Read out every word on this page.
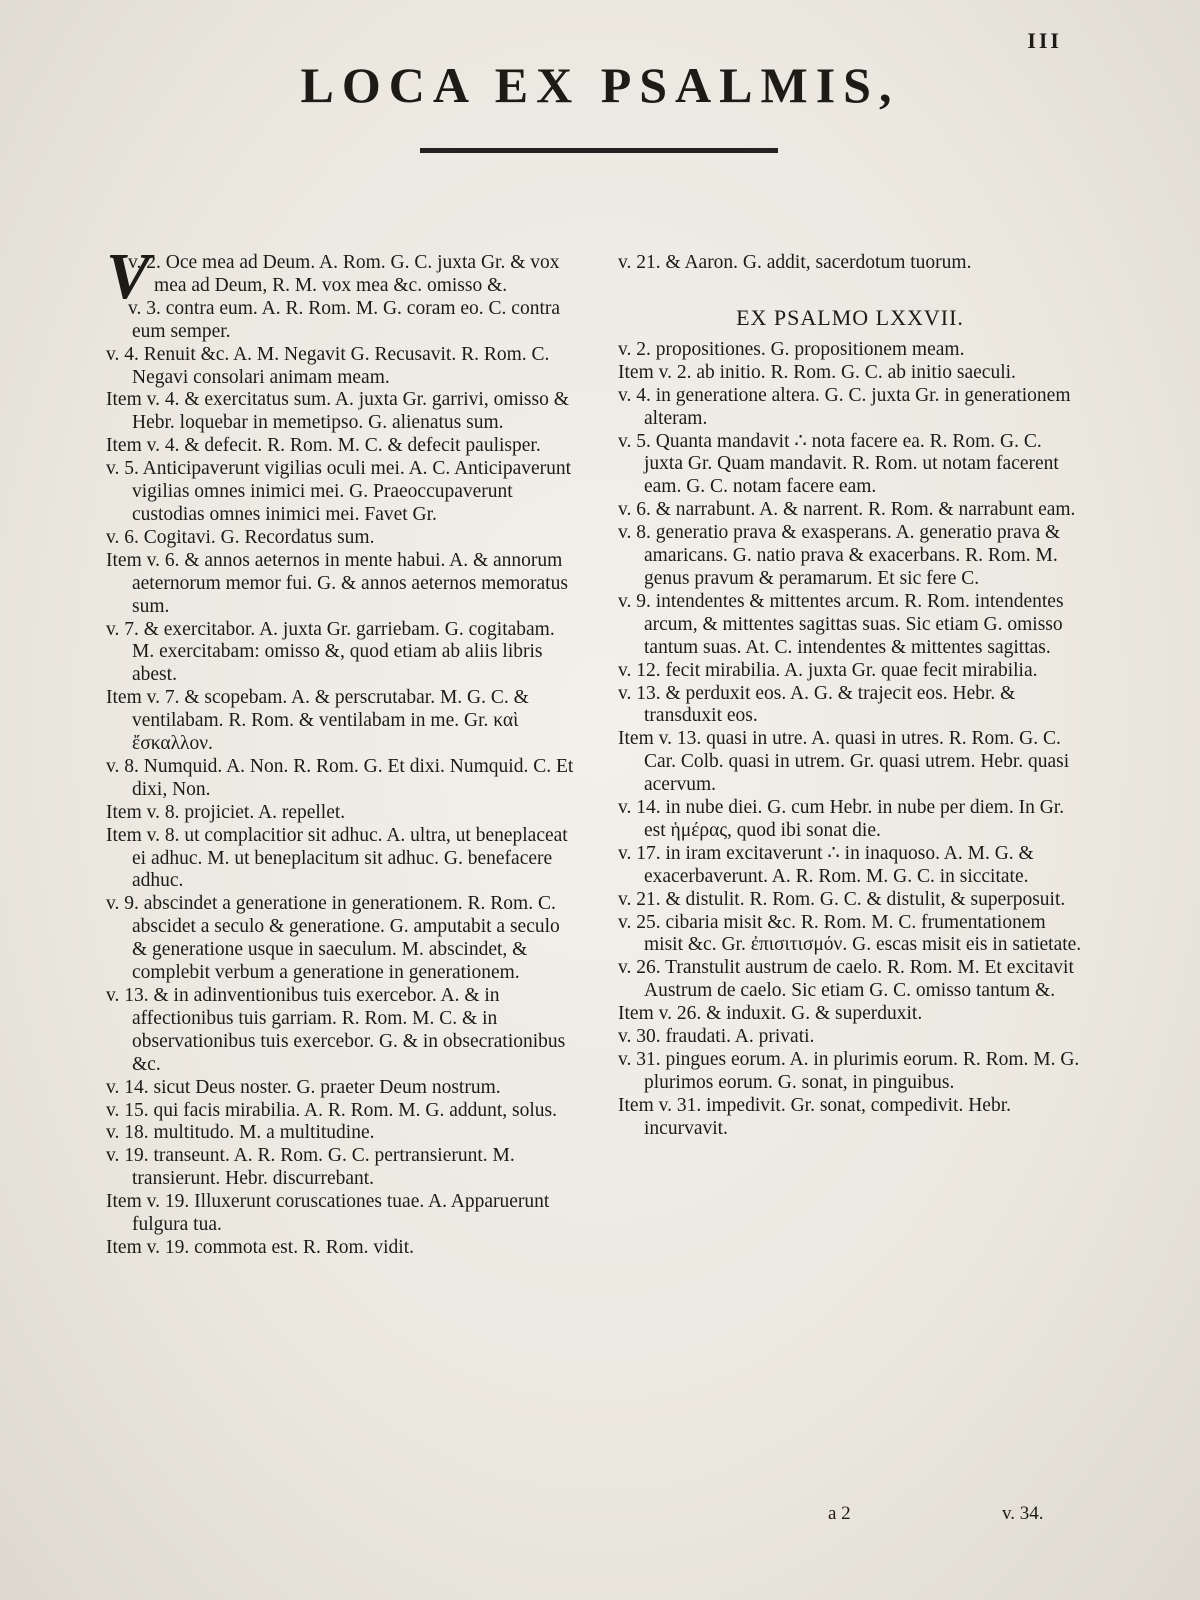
III
LOCA EX PSALMIS,
V
v. 2. Oce mea ad Deum. A. Rom. G. C. juxta Gr. & vox mea ad Deum, R. M. vox mea &c. omisso &.
v. 3. contra eum. A. R. Rom. M. G. coram eo. C. contra eum semper.
v. 4. Renuit &c. A. M. Negavit G. Recusavit. R. Rom. C. Negavi consolari animam meam.
Item v. 4. & exercitatus sum. A. juxta Gr. garrivi, omisso & Hebr. loquebar in memetipso. G. alienatus sum.
Item v. 4. & defecit. R. Rom. M. C. & defecit paulisper.
v. 5. Anticipaverunt vigilias oculi mei. A. C. Anticipaverunt vigilias omnes inimici mei. G. Praeoccupaverunt custodias omnes inimici mei. Favet Gr.
v. 6. Cogitavi. G. Recordatus sum.
Item v. 6. & annos aeternos in mente habui. A. & annorum aeternorum memor fui. G. & annos aeternos memoratus sum.
v. 7. & exercitabor. A. juxta Gr. garriebam. G. cogitabam. M. exercitabam: omisso &, quod etiam ab aliis libris abest.
Item v. 7. & scopebam. A. & perscrutabar. M. G. C. & ventilabam. R. Rom. & ventilabam in me. Gr. καὶ ἔσκαλλον.
v. 8. Numquid. A. Non. R. Rom. G. Et dixi. Numquid. C. Et dixi, Non.
Item v. 8. projiciet. A. repellet.
Item v. 8. ut complacitior sit adhuc. A. ultra, ut beneplaceat ei adhuc. M. ut beneplacitum sit adhuc. G. benefacere adhuc.
v. 9. abscindet a generatione in generationem. R. Rom. C. abscidet a seculo & generatione. G. amputabit a seculo & generatione usque in saeculum. M. abscindet, & complebit verbum a generatione in generationem.
v. 13. & in adinventionibus tuis exercebor. A. & in affectionibus tuis garriam. R. Rom. M. C. & in observationibus tuis exercebor. G. & in obsecrationibus &c.
v. 14. sicut Deus noster. G. praeter Deum nostrum.
v. 15. qui facis mirabilia. A. R. Rom. M. G. addunt, solus.
v. 18. multitudo. M. a multitudine.
v. 19. transeunt. A. R. Rom. G. C. pertransierunt. M. transierunt. Hebr. discurrebant.
Item v. 19. Illuxerunt coruscationes tuae. A. Apparuerunt fulgura tua.
Item v. 19. commota est. R. Rom. vidit.
v. 21. & Aaron. G. addit, sacerdotum tuorum.
EX PSALMO LXXVII.
v. 2. propositiones. G. propositionem meam.
Item v. 2. ab initio. R. Rom. G. C. ab initio saeculi.
v. 4. in generatione altera. G. C. juxta Gr. in generationem alteram.
v. 5. Quanta mandavit ∴ nota facere ea. R. Rom. G. C. juxta Gr. Quam mandavit. R. Rom. ut notam facerent eam. G. C. notam facere eam.
v. 6. & narrabunt. A. & narrent. R. Rom. & narrabunt eam.
v. 8. generatio prava & exasperans. A. generatio prava & amaricans. G. natio prava & exacerbans. R. Rom. M. genus pravum & peramarum. Et sic fere C.
v. 9. intendentes & mittentes arcum. R. Rom. intendentes arcum, & mittentes sagittas suas. Sic etiam G. omisso tantum suas. At. C. intendentes & mittentes sagittas.
v. 12. fecit mirabilia. A. juxta Gr. quae fecit mirabilia.
v. 13. & perduxit eos. A. G. & trajecit eos. Hebr. & transduxit eos.
Item v. 13. quasi in utre. A. quasi in utres. R. Rom. G. C. Car. Colb. quasi in utrem. Gr. quasi utrem. Hebr. quasi acervum.
v. 14. in nube diei. G. cum Hebr. in nube per diem. In Gr. est ἡμέρας, quod ibi sonat die.
v. 17. in iram excitaverunt ∴ in inaquoso. A. M. G. & exacerbaverunt. A. R. Rom. M. G. C. in siccitate.
v. 21. & distulit. R. Rom. G. C. & distulit, & superposuit.
v. 25. cibaria misit &c. R. Rom. M. C. frumentationem misit &c. Gr. ἐπισιτισμόν. G. escas misit eis in satietate.
v. 26. Transtulit austrum de caelo. R. Rom. M. Et excitavit Austrum de caelo. Sic etiam G. C. omisso tantum &.
Item v. 26. & induxit. G. & superduxit.
v. 30. fraudati. A. privati.
v. 31. pingues eorum. A. in plurimis eorum. R. Rom. M. G. plurimos eorum. G. sonat, in pinguibus.
Item v. 31. impedivit. Gr. sonat, compedivit. Hebr. incurvavit.
a 2	v. 34.
